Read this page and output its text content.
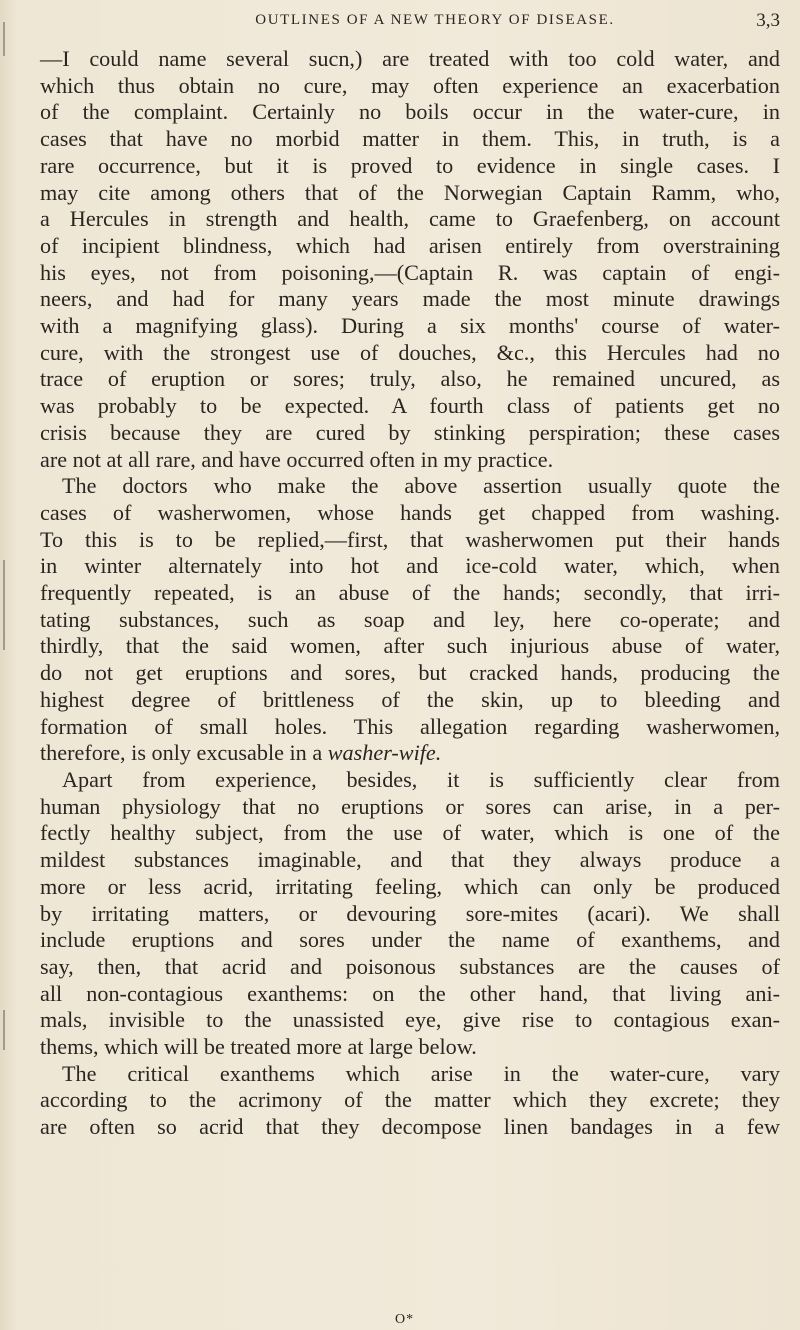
OUTLINES OF A NEW THEORY OF DISEASE.	3,3

—I could name several sucn,) are treated with too cold water, and
which thus obtain no cure, may often experience an exacerbation
of the complaint. Certainly no boils occur in the water-cure, in
cases that have no morbid matter in them. This, in truth, is a
rare occurrence, but it is proved to evidence in single cases. I
may cite among others that of the Norwegian Captain Ramm, who,
a Hercules in strength and health, came to Graefenberg, on account
of incipient blindness, which had arisen entirely from overstraining
his eyes, not from poisoning,—(Captain R. was captain of engi-
neers, and had for many years made the most minute drawings
with a magnifying glass). During a six months' course of water-
cure, with the strongest use of douches, &c., this Hercules had no
trace of eruption or sores; truly, also, he remained uncured, as
was probably to be expected. A fourth class of patients get no
crisis because they are cured by stinking perspiration; these cases
are not at all rare, and have occurred often in my practice.

The doctors who make the above assertion usually quote the
cases of washerwomen, whose hands get chapped from washing.
To this is to be replied,—first, that washerwomen put their hands
in winter alternately into hot and ice-cold water, which, when
frequently repeated, is an abuse of the hands; secondly, that irri-
tating substances, such as soap and ley, here co-operate; and
thirdly, that the said women, after such injurious abuse of water,
do not get eruptions and sores, but cracked hands, producing the
highest degree of brittleness of the skin, up to bleeding and
formation of small holes. This allegation regarding washerwomen,
therefore, is only excusable in a washer-wife.

Apart from experience, besides, it is sufficiently clear from
human physiology that no eruptions or sores can arise, in a per-
fectly healthy subject, from the use of water, which is one of the
mildest substances imaginable, and that they always produce a
more or less acrid, irritating feeling, which can only be produced
by irritating matters, or devouring sore-mites (acari). We shall
include eruptions and sores under the name of exanthems, and
say, then, that acrid and poisonous substances are the causes of
all non-contagious exanthems: on the other hand, that living ani-
mals, invisible to the unassisted eye, give rise to contagious exan-
thems, which will be treated more at large below.

The critical exanthems which arise in the water-cure, vary
according to the acrimony of the matter which they excrete; they
are often so acrid that they decompose linen bandages in a few

O*
